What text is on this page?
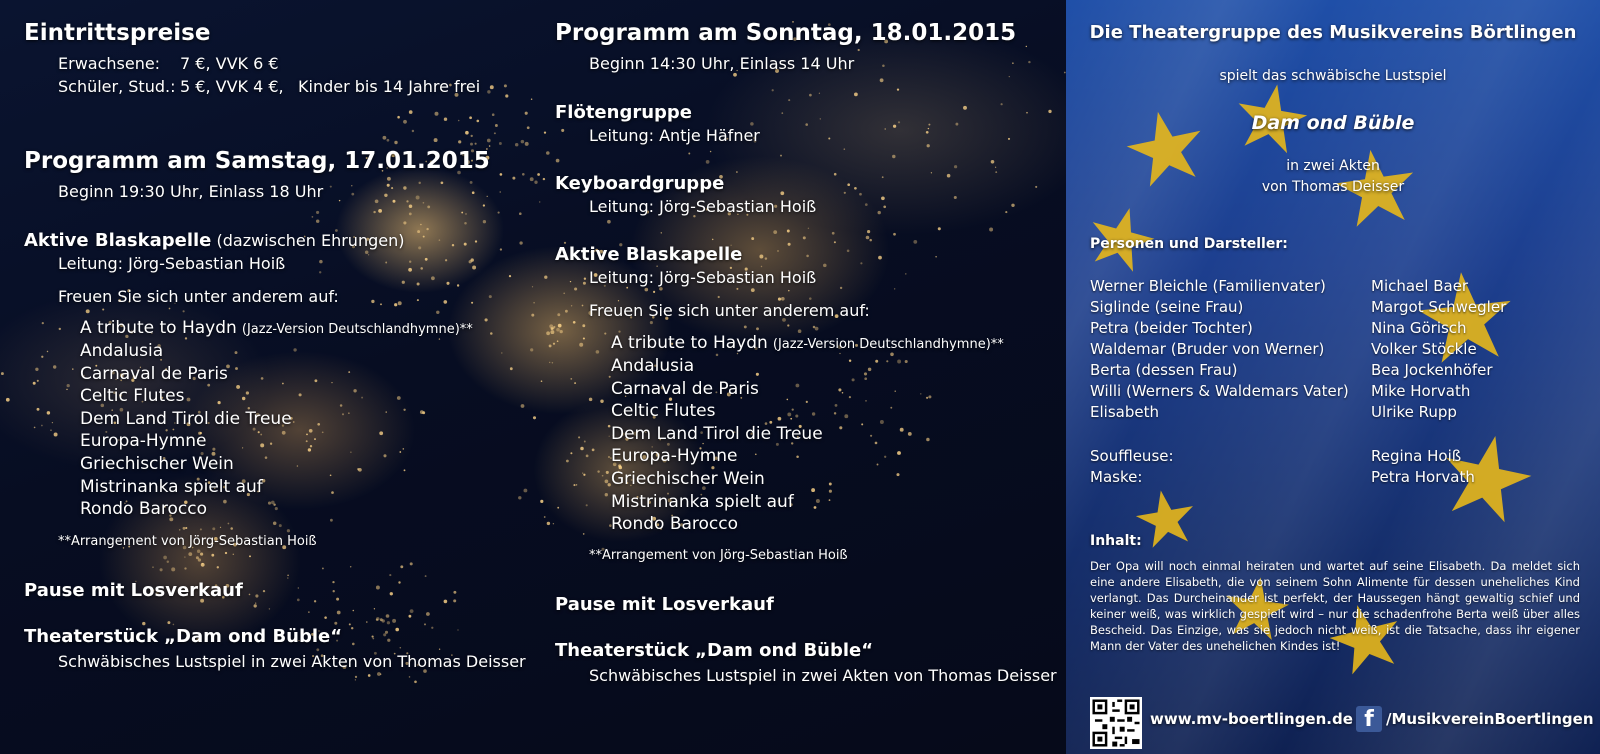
Eintrittspreise
Erwachsene: 7 €, VVK 6 €
Schüler, Stud.: 5 €, VVK 4 €, Kinder bis 14 Jahre frei
Programm am Samstag, 17.01.2015
Beginn 19:30 Uhr, Einlass 18 Uhr
Aktive Blaskapelle (dazwischen Ehrungen)
Leitung: Jörg-Sebastian Hoiß
Freuen Sie sich unter anderem auf:
A tribute to Haydn (Jazz-Version Deutschlandhymne)**
Andalusia
Carnaval de Paris
Celtic Flutes
Dem Land Tirol die Treue
Europa-Hymne
Griechischer Wein
Mistrinanka spielt auf
Rondo Barocco
**Arrangement von Jörg-Sebastian Hoiß
Pause mit Losverkauf
Theaterstück „Dam ond Büble“
Schwäbisches Lustspiel in zwei Akten von Thomas Deisser
Programm am Sonntag, 18.01.2015
Beginn 14:30 Uhr, Einlass 14 Uhr
Flötengruppe
Leitung: Antje Häfner
Keyboardgruppe
Leitung: Jörg-Sebastian Hoiß
Aktive Blaskapelle
Leitung: Jörg-Sebastian Hoiß
Freuen Sie sich unter anderem auf:
A tribute to Haydn (Jazz-Version Deutschlandhymne)**
Andalusia
Carnaval de Paris
Celtic Flutes
Dem Land Tirol die Treue
Europa-Hymne
Griechischer Wein
Mistrinanka spielt auf
Rondo Barocco
**Arrangement von Jörg-Sebastian Hoiß
Pause mit Losverkauf
Theaterstück „Dam ond Büble“
Schwäbisches Lustspiel in zwei Akten von Thomas Deisser
Die Theatergruppe des Musikvereins Börtlingen
spielt das schwäbische Lustspiel
Dam ond Büble
in zwei Akten
von Thomas Deisser
Personen und Darsteller:
Werner Bleichle (Familienvater)
Siglinde (seine Frau)
Petra (beider Tochter)
Waldemar (Bruder von Werner)
Berta (dessen Frau)
Willi (Werners & Waldemars Vater)
Elisabeth
Michael Baer
Margot Schwegler
Nina Görisch
Volker Stöckle
Bea Jockenhöfer
Mike Horvath
Ulrike Rupp
Souffleuse:
Maske:
Regina Hoiß
Petra Horvath
Inhalt:
Der Opa will noch einmal heiraten und wartet auf seine Elisabeth. Da meldet sich eine andere Elisabeth, die von seinem Sohn Alimente für dessen uneheliches Kind verlangt. Das Durcheinander ist perfekt, der Haussegen hängt gewaltig schief und keiner weiß, was wirklich gespielt wird – nur die schadenfrohe Berta weiß über alles Bescheid. Das Einzige, was sie jedoch nicht weiß, ist die Tatsache, dass ihr eigener Mann der Vater des unehelichen Kindes ist!
www.mv-boertlingen.de f /MusikvereinBoertlingen
